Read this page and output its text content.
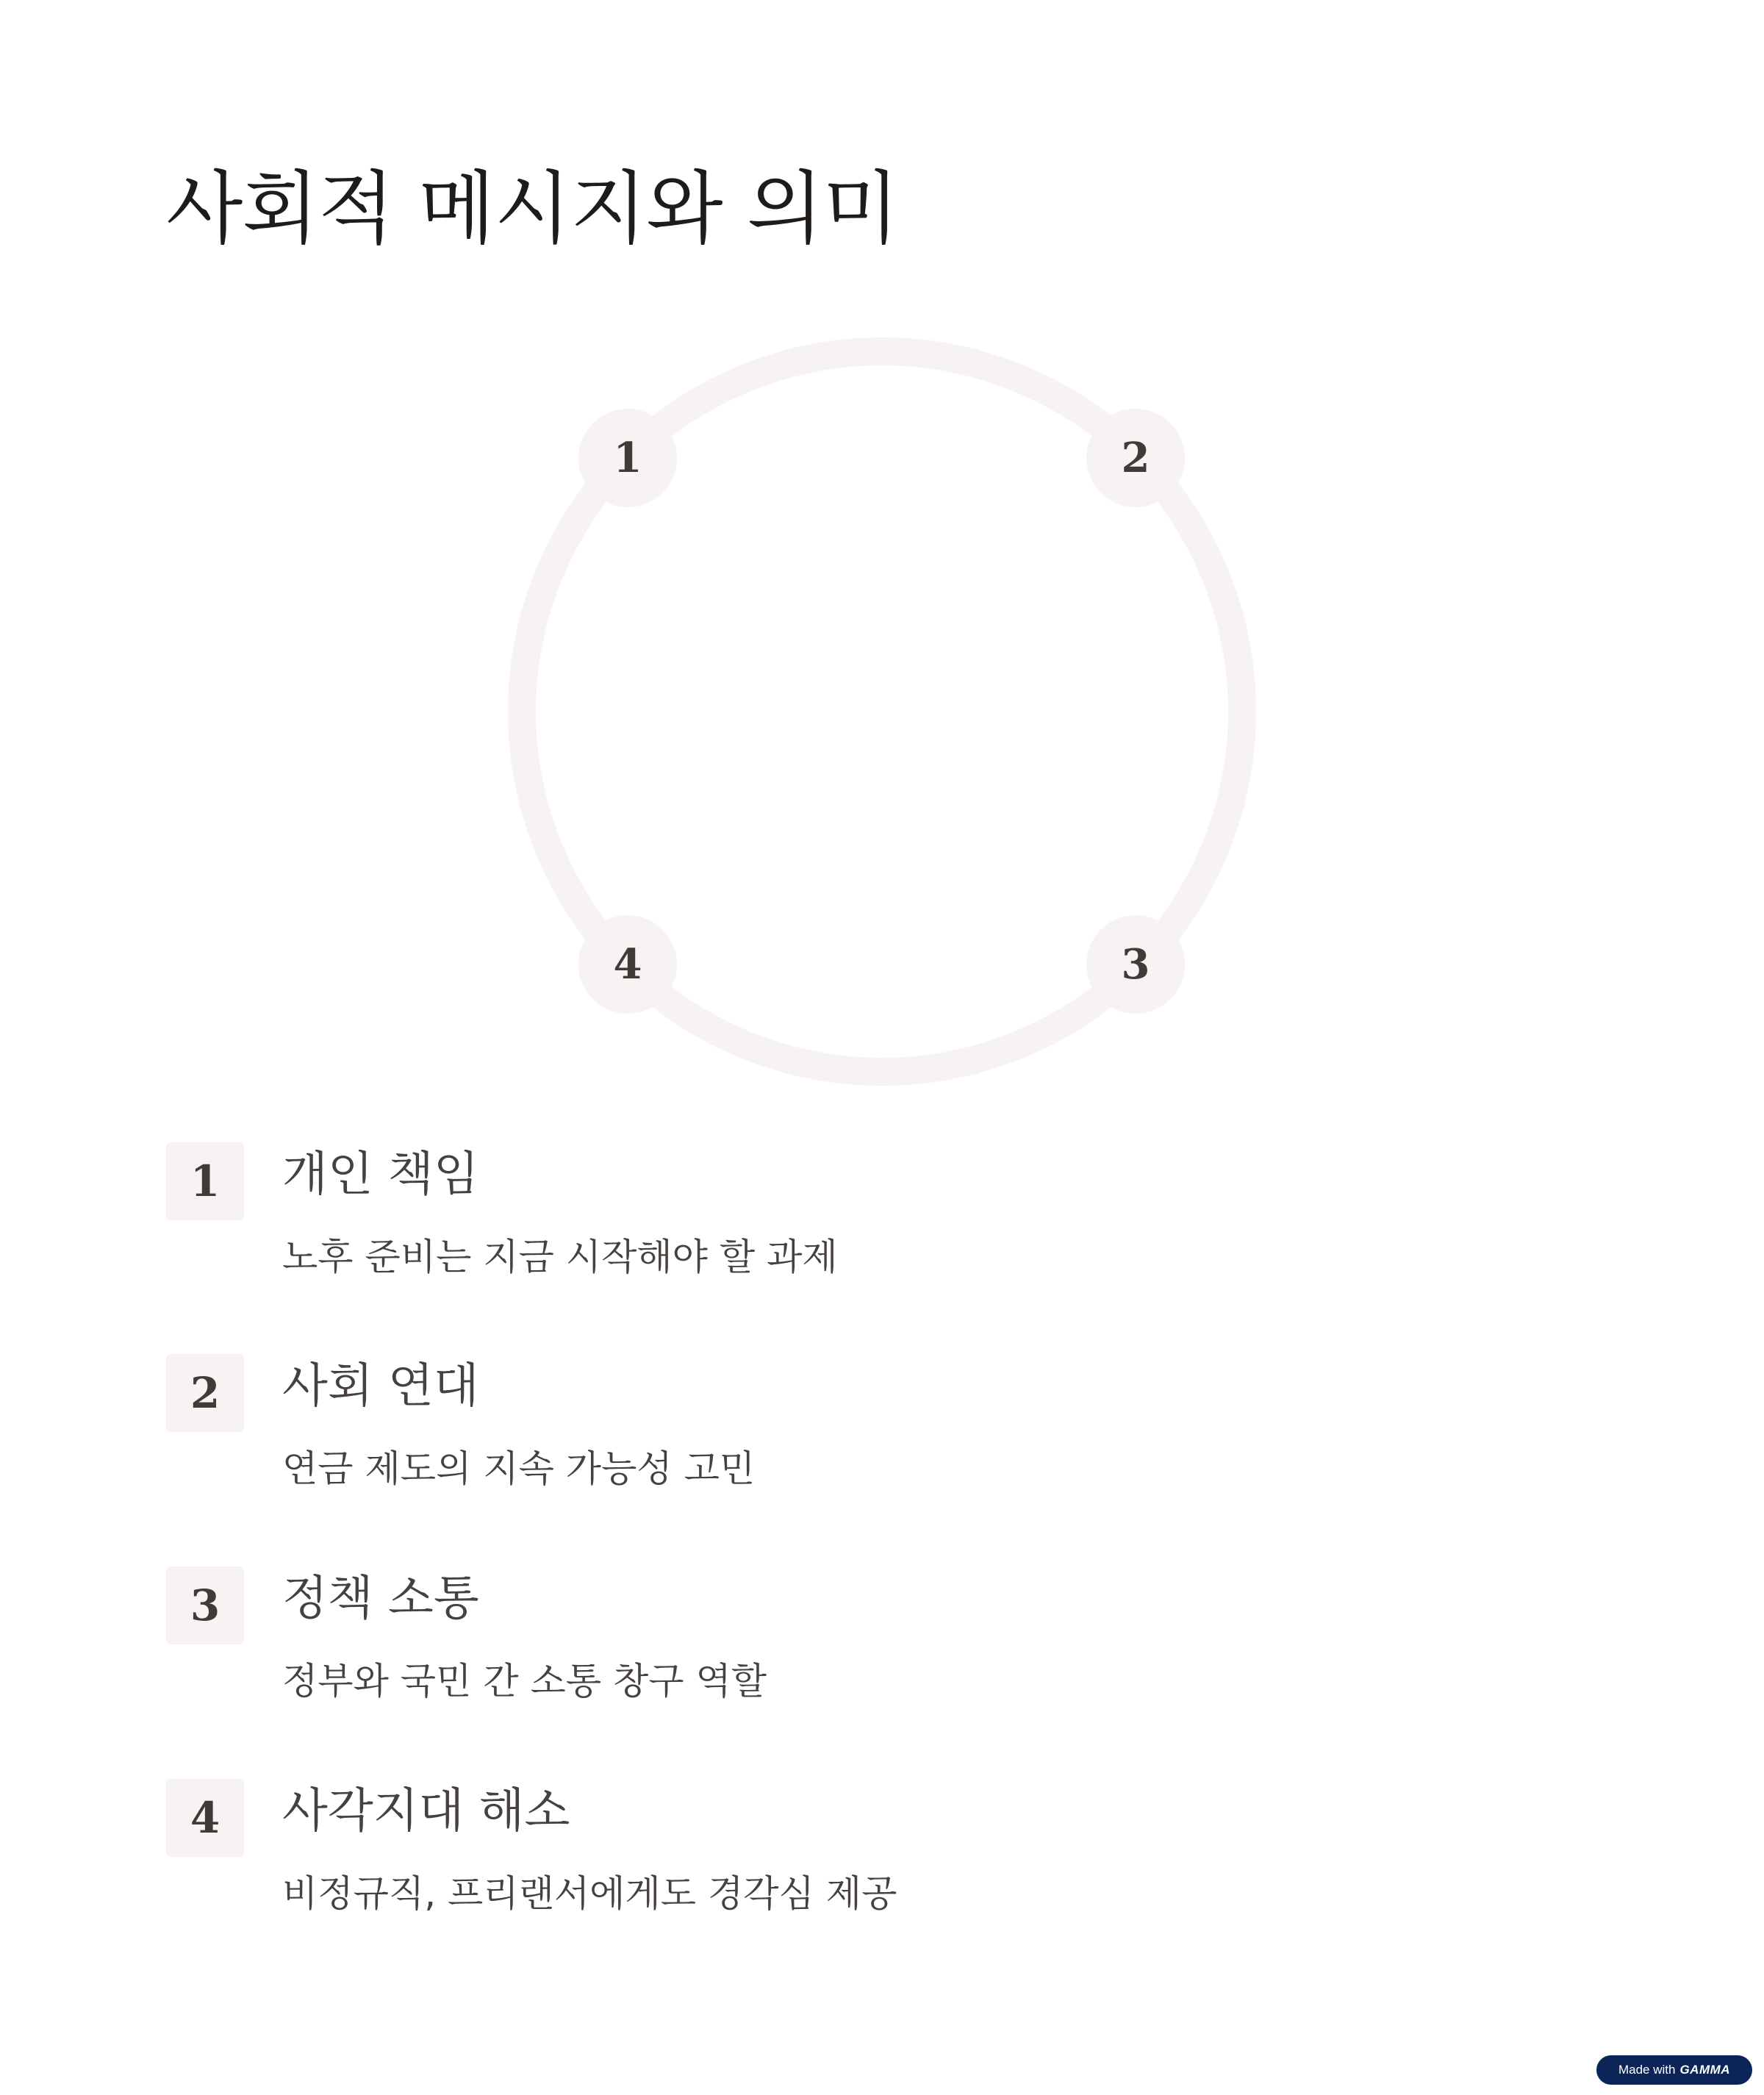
사회적 메시지와 의미
1	2
3
4
1	개인 책임

노후 준비는 지금 시작해야 할 과제

2	사회 연대

연금 제도의 지속 가능성 고민

3	정책 소통

정부와 국민 간 소통 창구 역할

4	사각지대 해소

비정규직, 프리랜서에게도 경각심 제공

Made with GAMMA
